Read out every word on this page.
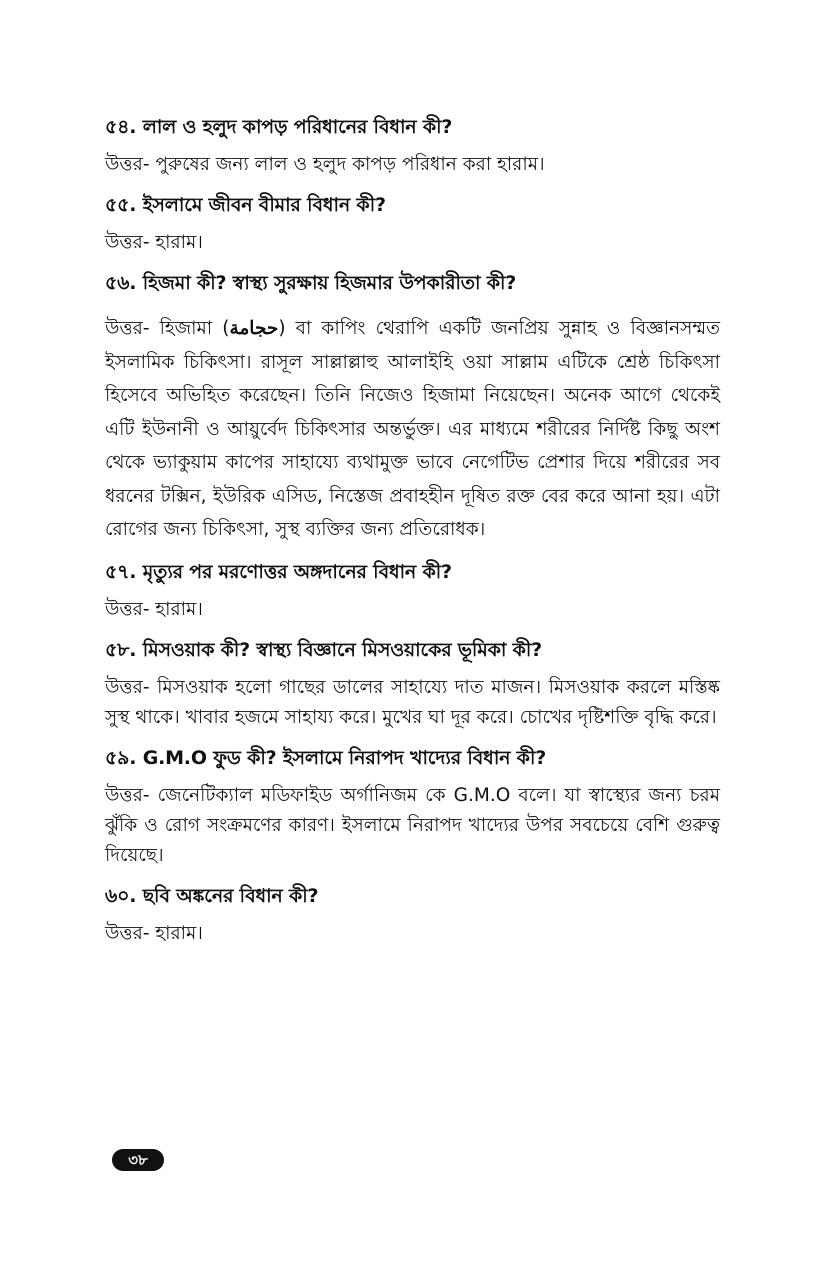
৫৪. লাল ও হলুদ কাপড় পরিধানের বিধান কী?
উত্তর- পুরুষের জন্য লাল ও হলুদ কাপড় পরিধান করা হারাম।
৫৫. ইসলামে জীবন বীমার বিধান কী?
উত্তর- হারাম।
৫৬. হিজমা কী? স্বাস্থ্য সুরক্ষায় হিজমার উপকারীতা কী?
উত্তর- হিজামা (حجامة) বা কাপিং থেরাপি একটি জনপ্রিয় সুন্নাহ ও বিজ্ঞানসম্মত ইসলামিক চিকিৎসা। রাসূল সাল্লাল্লাহু আলাইহি ওয়া সাল্লাম এটিকে শ্রেষ্ঠ চিকিৎসা হিসেবে অভিহিত করেছেন। তিনি নিজেও হিজামা নিয়েছেন। অনেক আগে থেকেই এটি ইউনানী ও আয়ুর্বেদ চিকিৎসার অন্তর্ভুক্ত। এর মাধ্যমে শরীরের নির্দিষ্ট কিছু অংশ থেকে ভ্যাকুয়াম কাপের সাহায্যে ব্যথামুক্ত ভাবে নেগেটিভ প্রেশার দিয়ে শরীরের সব ধরনের টক্সিন, ইউরিক এসিড, নিস্তেজ প্রবাহহীন দূষিত রক্ত বের করে আনা হয়। এটা রোগের জন্য চিকিৎসা, সুস্থ ব্যক্তির জন্য প্রতিরোধক।
৫৭. মৃত্যুর পর মরণোত্তর অঙ্গদানের বিধান কী?
উত্তর- হারাম।
৫৮. মিসওয়াক কী? স্বাস্থ্য বিজ্ঞানে মিসওয়াকের ভূমিকা কী?
উত্তর- মিসওয়াক হলো গাছের ডালের সাহায্যে দাত মাজন। মিসওয়াক করলে মস্তিষ্ক সুস্থ থাকে। খাবার হজমে সাহায্য করে। মুখের ঘা দূর করে। চোখের দৃষ্টিশক্তি বৃদ্ধি করে।
৫৯. G.M.O ফুড কী? ইসলামে নিরাপদ খাদ্যের বিধান কী?
উত্তর- জেনেটিক্যাল মডিফাইড অর্গানিজম কে G.M.O বলে। যা স্বাস্থ্যের জন্য চরম ঝুঁকি ও রোগ সংক্রমণের কারণ। ইসলামে নিরাপদ খাদ্যের উপর সবচেয়ে বেশি গুরুত্ব দিয়েছে।
৬০. ছবি অঙ্কনের বিধান কী?
উত্তর- হারাম।
৩৮
